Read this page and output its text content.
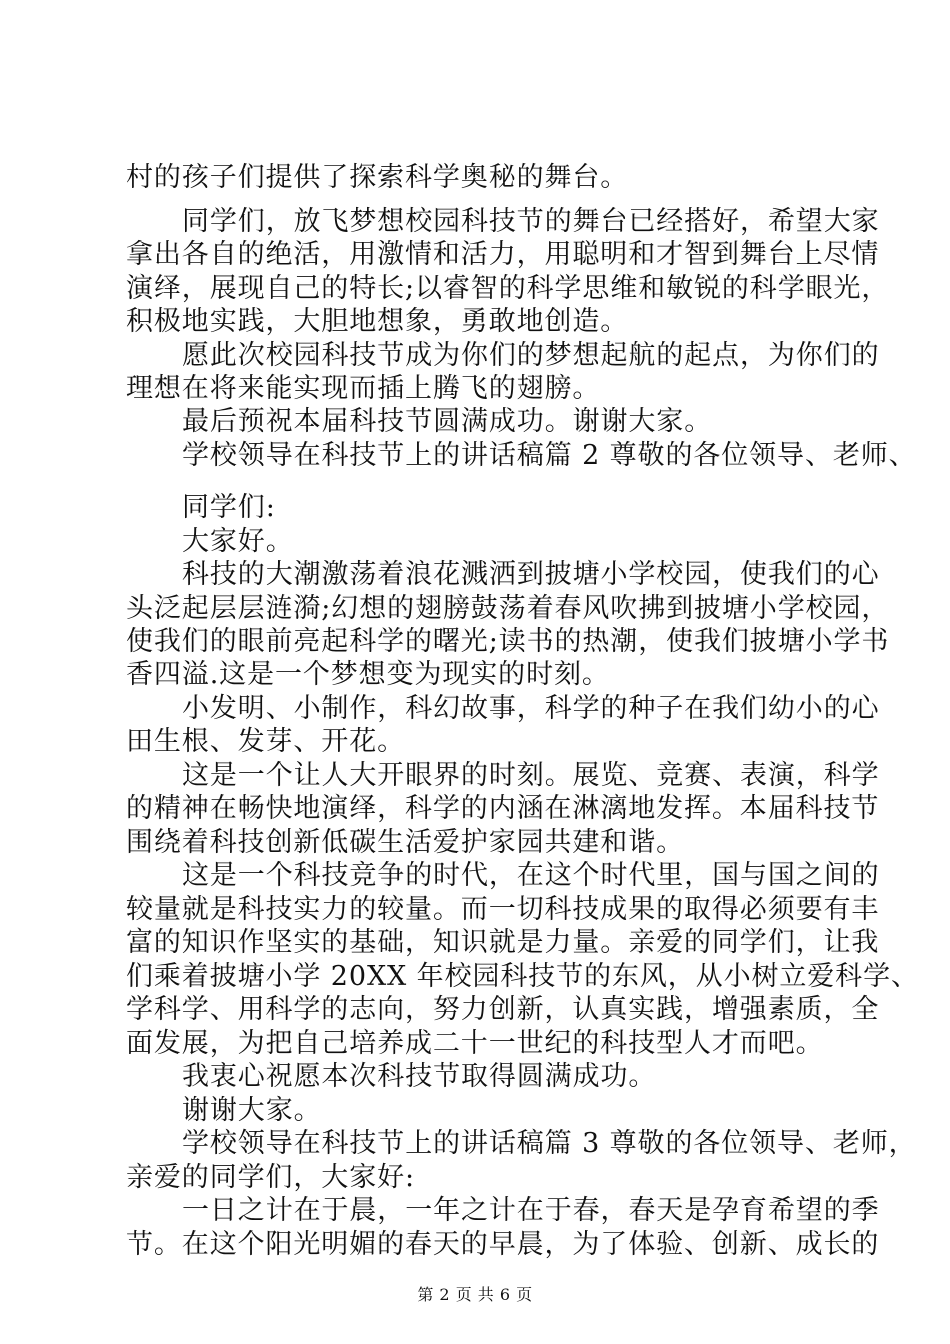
村的孩子们提供了探索科学奥秘的舞台。
同学们，放飞梦想校园科技节的舞台已经搭好，希望大家
拿出各自的绝活，用激情和活力，用聪明和才智到舞台上尽情
演绎，展现自己的特长;以睿智的科学思维和敏锐的科学眼光，
积极地实践，大胆地想象，勇敢地创造。
愿此次校园科技节成为你们的梦想起航的起点，为你们的
理想在将来能实现而插上腾飞的翅膀。
最后预祝本届科技节圆满成功。谢谢大家。
学校领导在科技节上的讲话稿篇 2 尊敬的各位领导、老师、
同学们:
大家好。
科技的大潮激荡着浪花溅洒到披塘小学校园，使我们的心
头泛起层层涟漪;幻想的翅膀鼓荡着春风吹拂到披塘小学校园，
使我们的眼前亮起科学的曙光;读书的热潮，使我们披塘小学书
香四溢.这是一个梦想变为现实的时刻。
小发明、小制作，科幻故事，科学的种子在我们幼小的心
田生根、发芽、开花。
这是一个让人大开眼界的时刻。展览、竞赛、表演，科学
的精神在畅快地演绎，科学的内涵在淋漓地发挥。本届科技节
围绕着科技创新低碳生活爱护家园共建和谐。
这是一个科技竞争的时代，在这个时代里，国与国之间的
较量就是科技实力的较量。而一切科技成果的取得必须要有丰
富的知识作坚实的基础，知识就是力量。亲爱的同学们，让我
们乘着披塘小学 20XX 年校园科技节的东风，从小树立爱科学、
学科学、用科学的志向，努力创新，认真实践，增强素质，全
面发展，为把自己培养成二十一世纪的科技型人才而吧。
我衷心祝愿本次科技节取得圆满成功。
谢谢大家。
学校领导在科技节上的讲话稿篇 3 尊敬的各位领导、老师，
亲爱的同学们，大家好:
一日之计在于晨，一年之计在于春，春天是孕育希望的季
节。在这个阳光明媚的春天的早晨，为了体验、创新、成长的
第 2 页 共 6 页
